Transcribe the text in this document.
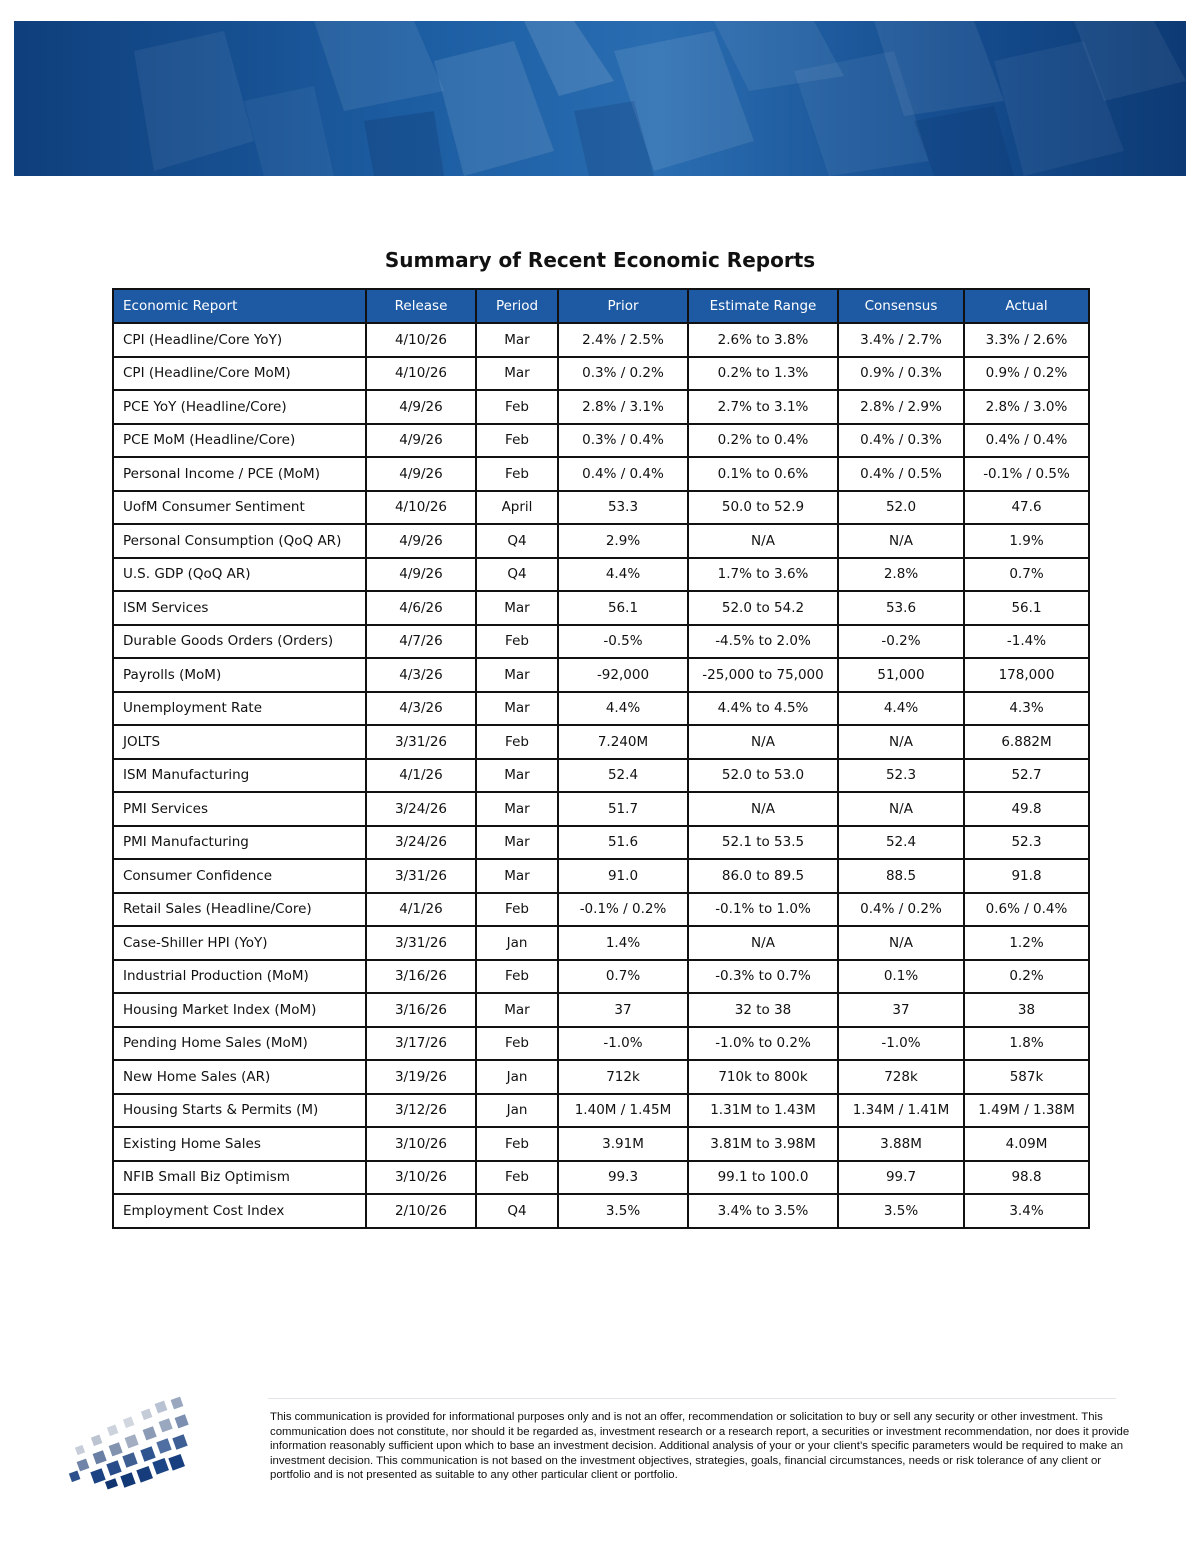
Summary of Recent Economic Reports
Economic Report	Release	Period	Prior	Estimate Range	Consensus	Actual
CPI (Headline/Core YoY)	4/10/26	Mar	2.4% / 2.5%	2.6% to 3.8%	3.4% / 2.7%	3.3% / 2.6%
CPI (Headline/Core MoM)	4/10/26	Mar	0.3% / 0.2%	0.2% to 1.3%	0.9% / 0.3%	0.9% / 0.2%
PCE YoY (Headline/Core)	4/9/26	Feb	2.8% / 3.1%	2.7% to 3.1%	2.8% / 2.9%	2.8% / 3.0%
PCE MoM (Headline/Core)	4/9/26	Feb	0.3% / 0.4%	0.2% to 0.4%	0.4% / 0.3%	0.4% / 0.4%
Personal Income / PCE (MoM)	4/9/26	Feb	0.4% / 0.4%	0.1% to 0.6%	0.4% / 0.5%	-0.1% / 0.5%
UofM Consumer Sentiment	4/10/26	April	53.3	50.0 to 52.9	52.0	47.6
Personal Consumption (QoQ AR)	4/9/26	Q4	2.9%	N/A	N/A	1.9%
U.S. GDP (QoQ AR)	4/9/26	Q4	4.4%	1.7% to 3.6%	2.8%	0.7%
ISM Services	4/6/26	Mar	56.1	52.0 to 54.2	53.6	56.1
Durable Goods Orders (Orders)	4/7/26	Feb	-0.5%	-4.5% to 2.0%	-0.2%	-1.4%
Payrolls (MoM)	4/3/26	Mar	-92,000	-25,000 to 75,000	51,000	178,000
Unemployment Rate	4/3/26	Mar	4.4%	4.4% to 4.5%	4.4%	4.3%
JOLTS	3/31/26	Feb	7.240M	N/A	N/A	6.882M
ISM Manufacturing	4/1/26	Mar	52.4	52.0 to 53.0	52.3	52.7
PMI Services	3/24/26	Mar	51.7	N/A	N/A	49.8
PMI Manufacturing	3/24/26	Mar	51.6	52.1 to 53.5	52.4	52.3
Consumer Confidence	3/31/26	Mar	91.0	86.0 to 89.5	88.5	91.8
Retail Sales (Headline/Core)	4/1/26	Feb	-0.1% / 0.2%	-0.1% to 1.0%	0.4% / 0.2%	0.6% / 0.4%
Case-Shiller HPI (YoY)	3/31/26	Jan	1.4%	N/A	N/A	1.2%
Industrial Production (MoM)	3/16/26	Feb	0.7%	-0.3% to 0.7%	0.1%	0.2%
Housing Market Index (MoM)	3/16/26	Mar	37	32 to 38	37	38
Pending Home Sales (MoM)	3/17/26	Feb	-1.0%	-1.0% to 0.2%	-1.0%	1.8%
New Home Sales (AR)	3/19/26	Jan	712k	710k to 800k	728k	587k
Housing Starts & Permits (M)	3/12/26	Jan	1.40M / 1.45M	1.31M to 1.43M	1.34M / 1.41M	1.49M / 1.38M
Existing Home Sales	3/10/26	Feb	3.91M	3.81M to 3.98M	3.88M	4.09M
NFIB Small Biz Optimism	3/10/26	Feb	99.3	99.1 to 100.0	99.7	98.8
Employment Cost Index	2/10/26	Q4	3.5%	3.4% to 3.5%	3.5%	3.4%

This communication is provided for informational purposes only and is not an offer, recommendation or solicitation to buy or sell any security or other investment. This communication does not constitute, nor should it be regarded as, investment research or a research report, a securities or investment recommendation, nor does it provide information reasonably sufficient upon which to base an investment decision. Additional analysis of your or your client’s specific parameters would be required to make an investment decision. This communication is not based on the investment objectives, strategies, goals, financial circumstances, needs or risk tolerance of any client or portfolio and is not presented as suitable to any other particular client or portfolio.
